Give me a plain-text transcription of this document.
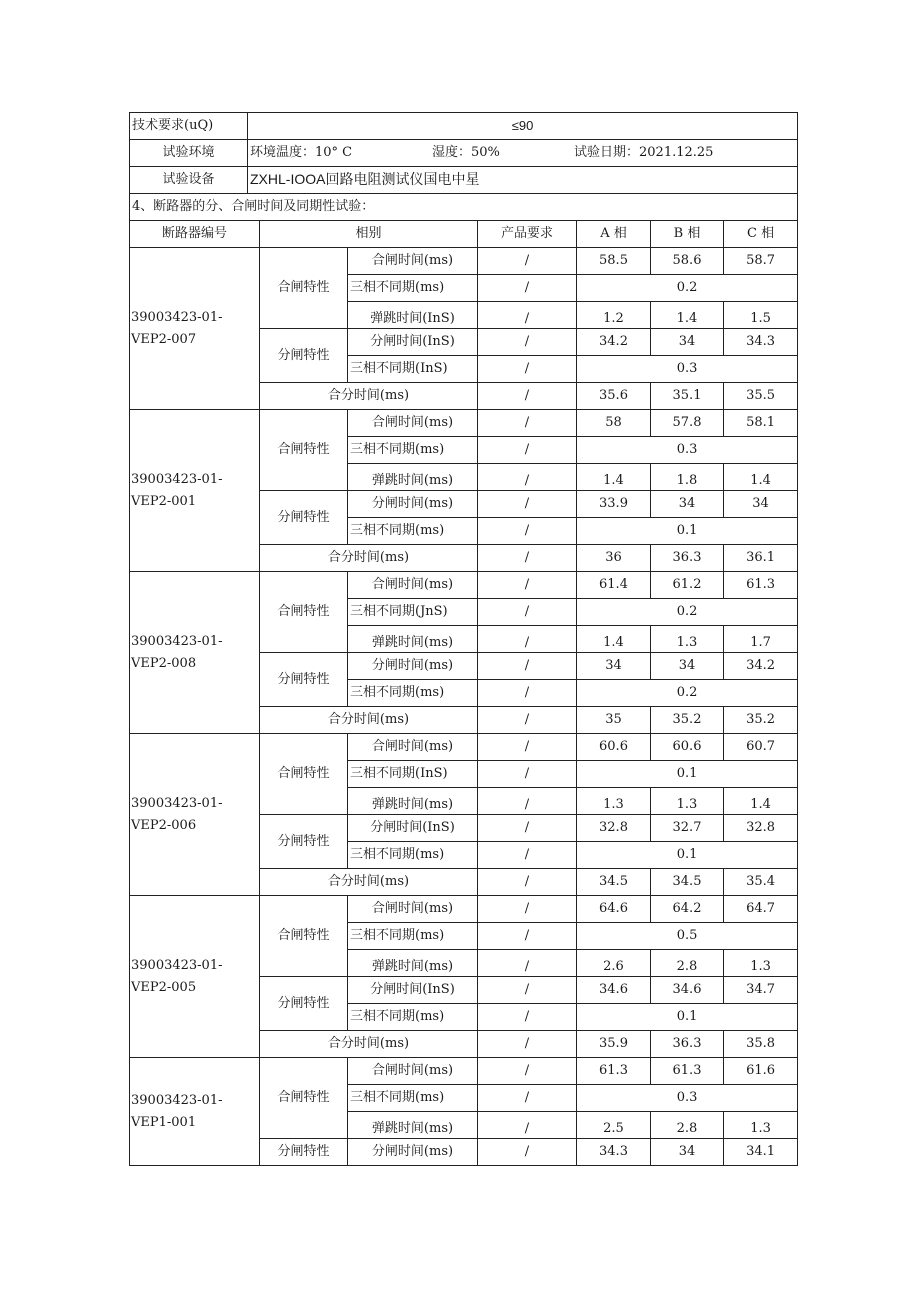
技术要求(uQ)	≤90						
试验环境	环境温度：10° C 湿度：50% 试验日期：2021.12.25						
试验设备	ZXHL-IOOA回路电阻测试仪国电中星						
4、断路器的分、合闸时间及同期性试验：							
断路器编号		相别		产品要求	A 相	B 相	C 相
39003423-01-
VEP2-007		合闸特性	合闸时间(ms)	/	58.5	58.6	58.7
			三相不同期(ms)	/	0.2		
			弹跳时间(InS)	/	1.2	1.4	1.5
		分闸特性	分闸时间(InS)	/	34.2	34	34.3
			三相不同期(InS)	/	0.3		
		合分时间(ms)		/	35.6	35.1	35.5
39003423-01-
VEP2-001		合闸特性	合闸时间(ms)	/	58	57.8	58.1
			三相不同期(ms)	/	0.3		
			弹跳时间(ms)	/	1.4	1.8	1.4
		分闸特性	分闸时间(ms)	/	33.9	34	34
			三相不同期(ms)	/	0.1		
		合分时间(ms)		/	36	36.3	36.1
39003423-01-
VEP2-008		合闸特性	合闸时间(ms)	/	61.4	61.2	61.3
			三相不同期(JnS)	/	0.2		
			弹跳时间(ms)	/	1.4	1.3	1.7
		分闸特性	分闸时间(ms)	/	34	34	34.2
			三相不同期(ms)	/	0.2		
		合分时间(ms)		/	35	35.2	35.2
39003423-01-
VEP2-006		合闸特性	合闸时间(ms)	/	60.6	60.6	60.7
			三相不同期(InS)	/	0.1		
			弹跳时间(ms)	/	1.3	1.3	1.4
		分闸特性	分闸时间(InS)	/	32.8	32.7	32.8
			三相不同期(ms)	/	0.1		
		合分时间(ms)		/	34.5	34.5	35.4
39003423-01-
VEP2-005		合闸特性	合闸时间(ms)	/	64.6	64.2	64.7
			三相不同期(ms)	/	0.5		
			弹跳时间(ms)	/	2.6	2.8	1.3
		分闸特性	分闸时间(InS)	/	34.6	34.6	34.7
			三相不同期(ms)	/	0.1		
		合分时间(ms)		/	35.9	36.3	35.8
39003423-01-
VEP1-001		合闸特性	合闸时间(ms)	/	61.3	61.3	61.6
			三相不同期(ms)	/	0.3		
			弹跳时间(ms)	/	2.5	2.8	1.3
		分闸特性	分闸时间(ms)	/	34.3	34	34.1
